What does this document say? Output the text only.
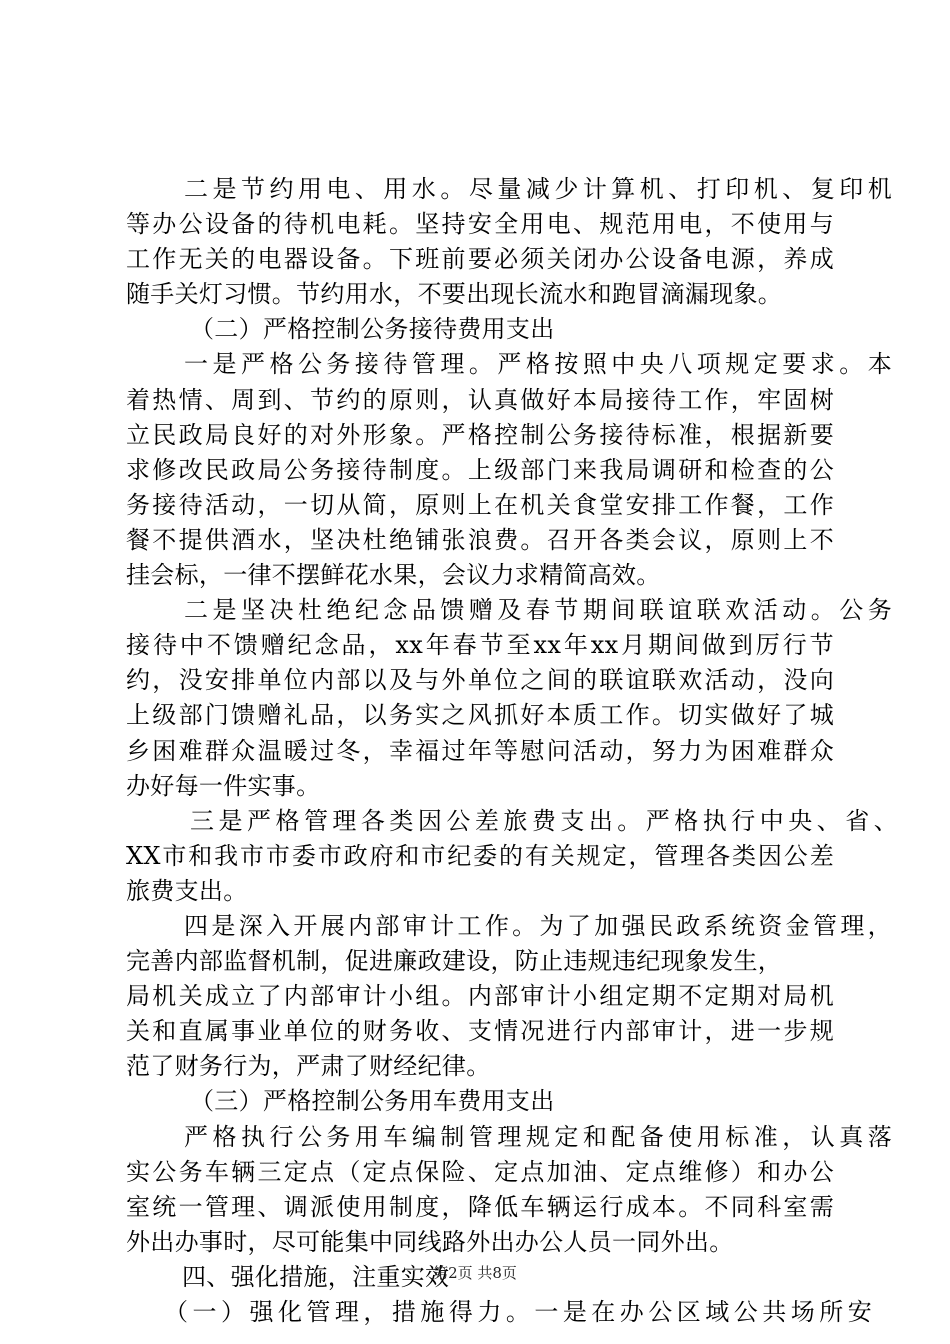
二是节约用电、用水。尽量减少计算机、打印机、复印机
等办公设备的待机电耗。坚持安全用电、规范用电，不使用与
工作无关的电器设备。下班前要必须关闭办公设备电源，养成
随手关灯习惯。节约用水，不要出现长流水和跑冒滴漏现象。
（二）严格控制公务接待费用支出
一是严格公务接待管理。严格按照中央八项规定要求。本
着热情、周到、节约的原则，认真做好本局接待工作，牢固树
立民政局良好的对外形象。严格控制公务接待标准，根据新要
求修改民政局公务接待制度。上级部门来我局调研和检查的公
务接待活动，一切从简，原则上在机关食堂安排工作餐，工作
餐不提供酒水，坚决杜绝铺张浪费。召开各类会议，原则上不
挂会标，一律不摆鲜花水果，会议力求精简高效。
二是坚决杜绝纪念品馈赠及春节期间联谊联欢活动。公务
接待中不馈赠纪念品，xx年春节至xx年xx月期间做到厉行节
约，没安排单位内部以及与外单位之间的联谊联欢活动，没向
上级部门馈赠礼品，以务实之风抓好本质工作。切实做好了城
乡困难群众温暖过冬，幸福过年等慰问活动，努力为困难群众
办好每一件实事。
三是严格管理各类因公差旅费支出。严格执行中央、省、
XX市和我市市委市政府和市纪委的有关规定，管理各类因公差
旅费支出。
四是深入开展内部审计工作。为了加强民政系统资金管理，
完善内部监督机制，促进廉政建设，防止违规违纪现象发生，
局机关成立了内部审计小组。内部审计小组定期不定期对局机
关和直属事业单位的财务收、支情况进行内部审计，进一步规
范了财务行为，严肃了财经纪律。
（三）严格控制公务用车费用支出
严格执行公务用车编制管理规定和配备使用标准，认真落
实公务车辆三定点（定点保险、定点加油、定点维修）和办公
室统一管理、调派使用制度，降低车辆运行成本。不同科室需
外出办事时，尽可能集中同线路外出办公人员一同外出。
四、强化措施，注重实效
（一）强化管理，措施得力。一是在办公区域公共场所安
第2页 共8页
